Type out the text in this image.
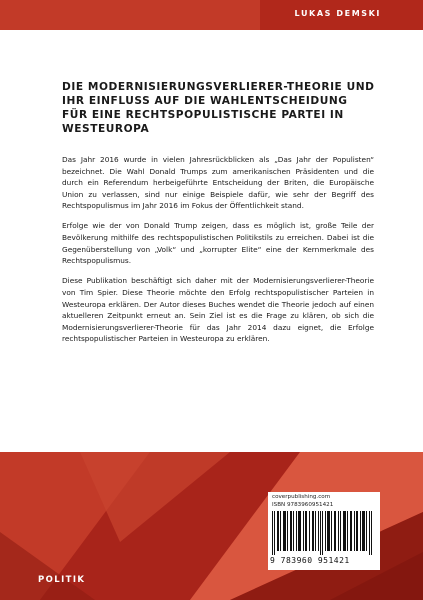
LUKAS DEMSKI
DIE MODERNISIERUNGSVERLIERER-THEORIE UND
IHR EINFLUSS AUF DIE WAHLENTSCHEIDUNG
FÜR EINE RECHTSPOPULISTISCHE PARTEI IN
WESTEUROPA

Das Jahr 2016 wurde in vielen Jahresrückblicken als „Das Jahr der Populisten“ bezeichnet. Die Wahl Donald Trumps zum amerikanischen Präsidenten und die durch ein Referendum herbeigeführte Entscheidung der Briten, die Europäische Union zu verlassen, sind nur einige Beispiele dafür, wie sehr der Begriff des Rechtspopulismus im Jahr 2016 im Fokus der Öffentlichkeit stand.

Erfolge wie der von Donald Trump zeigen, dass es möglich ist, große Teile der Bevölkerung mithilfe des rechtspopulistischen Politikstils zu erreichen. Dabei ist die Gegenüberstellung von „Volk“ und „korrupter Elite“ eine der Kernmerkmale des Rechtspopulismus.

Diese Publikation beschäftigt sich daher mit der Modernisierungsverlierer-Theorie von Tim Spier. Diese Theorie möchte den Erfolg rechtspopulistischer Parteien in Westeuropa erklären. Der Autor dieses Buches wendet die Theorie jedoch auf einen aktuelleren Zeitpunkt erneut an. Sein Ziel ist es die Frage zu klären, ob sich die Modernisierungsverlierer-Theorie für das Jahr 2014 dazu eignet, die Erfolge rechtspopulistischer Parteien in Westeuropa zu erklären.

coverpublishing.com
ISBN 9783960951421
9 783960 951421
POLITIK
